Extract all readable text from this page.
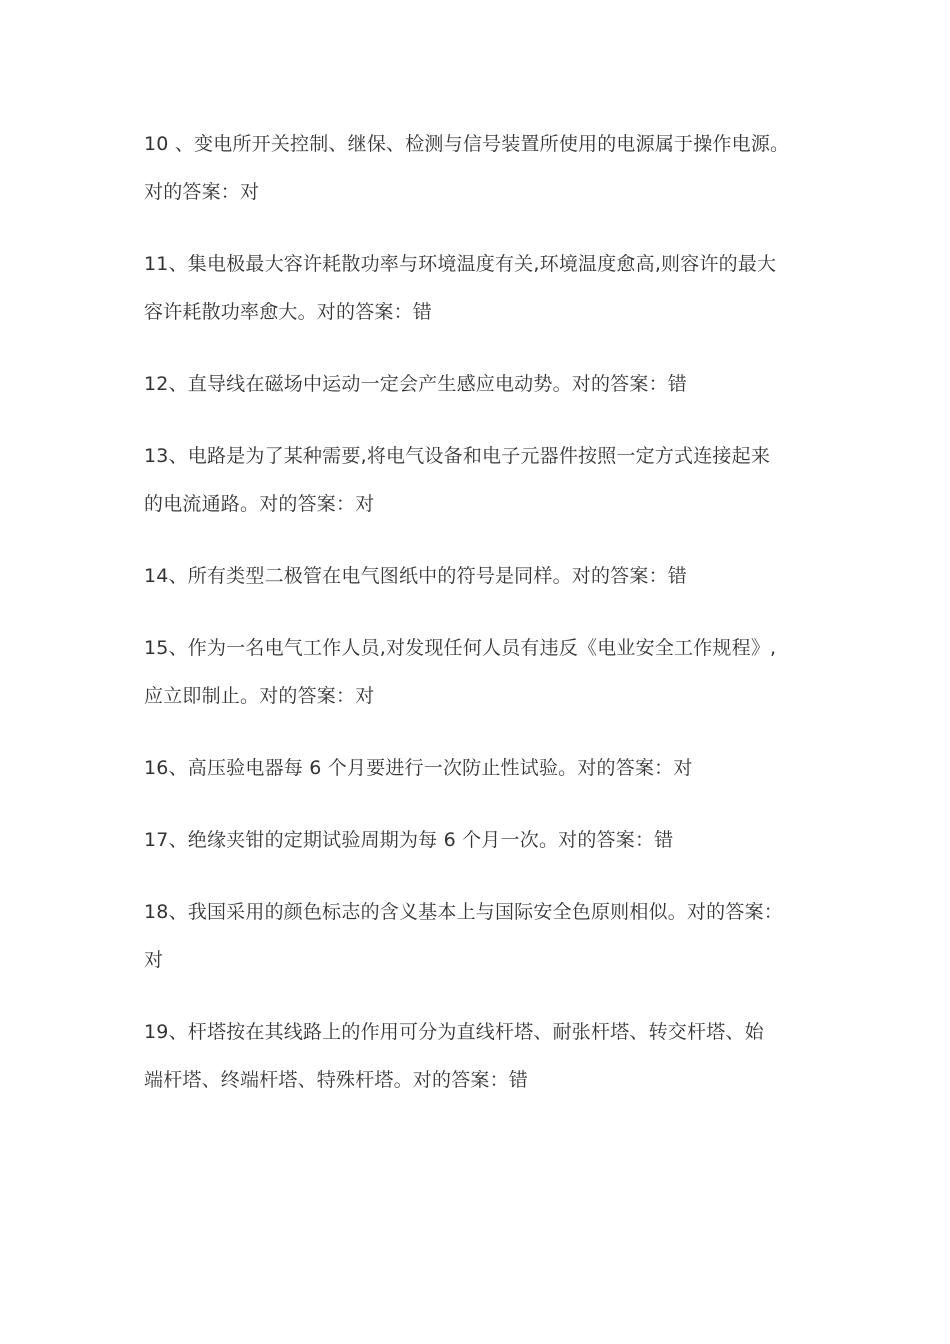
10 、变电所开关控制、继保、检测与信号装置所使用的电源属于操作电源。
对的答案：对
11、集电极最大容许耗散功率与环境温度有关,环境温度愈高,则容许的最大
容许耗散功率愈大。对的答案：错
12、直导线在磁场中运动一定会产生感应电动势。对的答案：错
13、电路是为了某种需要,将电气设备和电子元器件按照一定方式连接起来
的电流通路。对的答案：对
14、所有类型二极管在电气图纸中的符号是同样。对的答案：错
15、作为一名电气工作人员,对发现任何人员有违反《电业安全工作规程》,
应立即制止。对的答案：对
16、高压验电器每 6 个月要进行一次防止性试验。对的答案：对
17、绝缘夹钳的定期试验周期为每 6 个月一次。对的答案：错
18、我国采用的颜色标志的含义基本上与国际安全色原则相似。对的答案：
对
19、杆塔按在其线路上的作用可分为直线杆塔、耐张杆塔、转交杆塔、始
端杆塔、终端杆塔、特殊杆塔。对的答案：错
